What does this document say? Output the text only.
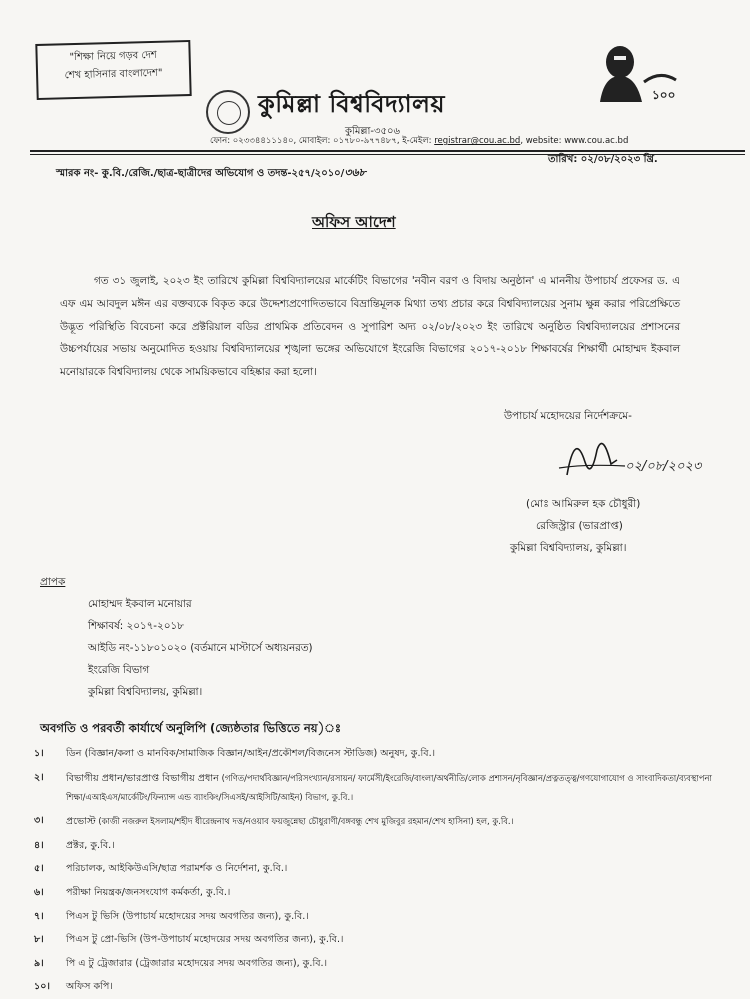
"শিক্ষা নিয়ে গড়ব দেশ
শেখ হাসিনার বাংলাদেশ"
কুমিল্লা বিশ্ববিদ্যালয়
কুমিল্লা-৩৫০৬
১০০
ফোন: ০২৩৩৪৪১১১৪০, মোবাইল: ০১৭৮০-৯৭৭৪৮৭, ই-মেইল: registrar@cou.ac.bd, website: www.cou.ac.bd
স্মারক নং- কু.বি./রেজি./ছাত্র-ছাত্রীদের অভিযোগ ও তদন্ত-২৫৭/২০১০/৩৬৮
তারিখ: ০২/০৮/২০২৩ খ্রি.
অফিস আদেশ
গত ৩১ জুলাই, ২০২৩ ইং তারিখে কুমিল্লা বিশ্ববিদ্যালয়ের মার্কেটিং বিভাগের 'নবীন বরণ ও বিদায় অনুষ্ঠান' এ মাননীয় উপাচার্য প্রফেসর ড. এ এফ এম আবদুল মঈন এর বক্তব্যকে বিকৃত করে উদ্দেশ্যপ্রণোদিতভাবে বিভ্রান্তিমূলক মিথ্যা তথ্য প্রচার করে বিশ্ববিদ্যালয়ের সুনাম ক্ষুন্ন করার পরিপ্রেক্ষিতে উদ্ভূত পরিস্থিতি বিবেচনা করে প্রক্টরিয়াল বডির প্রাথমিক প্রতিবেদন ও সুপারিশ অদ্য ০২/০৮/২০২৩ ইং তারিখে অনুষ্ঠিত বিশ্ববিদ্যালয়ের প্রশাসনের উচ্চপর্যায়ের সভায় অনুমোদিত হওয়ায় বিশ্ববিদ্যালয়ের শৃঙ্খলা ভঙ্গের অভিযোগে ইংরেজি বিভাগের ২০১৭-২০১৮ শিক্ষাবর্ষের শিক্ষার্থী মোহাম্মদ ইকবাল মনোয়ারকে বিশ্ববিদ্যালয় থেকে সাময়িকভাবে বহিষ্কার করা হলো।
উপাচার্য মহোদয়ের নির্দেশক্রমে-
০২/০৮/২০২৩
(মোঃ আমিরুল হক চৌধুরী)
রেজিস্ট্রার (ভারপ্রাপ্ত)
কুমিল্লা বিশ্ববিদ্যালয়, কুমিল্লা।
প্রাপক
মোহাম্মদ ইকবাল মনোয়ার
শিক্ষাবর্ষ: ২০১৭-২০১৮
আইডি নং-১১৮০১০২০ (বর্তমানে মাস্টার্সে অধ্যয়নরত)
ইংরেজি বিভাগ
কুমিল্লা বিশ্ববিদ্যালয়, কুমিল্লা।
অবগতি ও পরবর্তী কার্যার্থে অনুলিপি (জ্যেষ্ঠতার ভিত্তিতে নয়)ঃ
১।	ডিন (বিজ্ঞান/কলা ও মানবিক/সামাজিক বিজ্ঞান/আইন/প্রকৌশল/বিজনেস স্টাডিজ) অনুষদ, কু.বি.।
২।	বিভাগীয় প্রধান/ভারপ্রাপ্ত বিভাগীয় প্রধান (গণিত/পদার্থবিজ্ঞান/পরিসংখ্যান/রসায়ন/ ফার্মেসী/ইংরেজি/বাংলা/অর্থনীতি/লোক প্রশাসন/নৃবিজ্ঞান/প্রত্নতত্ত্ব/গণযোগাযোগ ও সাংবাদিকতা/ব্যবস্থাপনা শিক্ষা/এআইএস/মার্কেটিং/ফিন্যান্স এন্ড ব্যাংকিং/সিএসই/আইসিটি/আইন) বিভাগ, কু.বি.।
৩।	প্রভোস্ট (কাজী নজরুল ইসলাম/শহীদ ধীরেন্দ্রনাথ দত্ত/নওয়াব ফয়জুন্নেছা চৌধুরাণী/বঙ্গবন্ধু শেখ মুজিবুর রহমান/শেখ হাসিনা) হল, কু.বি.।
৪।	প্রক্টর, কু.বি.।
৫।	পরিচালক, আইকিউএসি/ছাত্র পরামর্শক ও নির্দেশনা, কু.বি.।
৬।	পরীক্ষা নিয়ন্ত্রক/জনসংযোগ কর্মকর্তা, কু.বি.।
৭।	পিএস টু ভিসি (উপাচার্য মহোদয়ের সদয় অবগতির জন্য), কু.বি.।
৮।	পিএস টু প্রো-ভিসি (উপ-উপাচার্য মহোদয়ের সদয় অবগতির জন্য), কু.বি.।
৯।	পি এ টু ট্রেজারার (ট্রেজারার মহোদয়ের সদয় অবগতির জন্য), কু.বি.।
১০।	অফিস কপি।
